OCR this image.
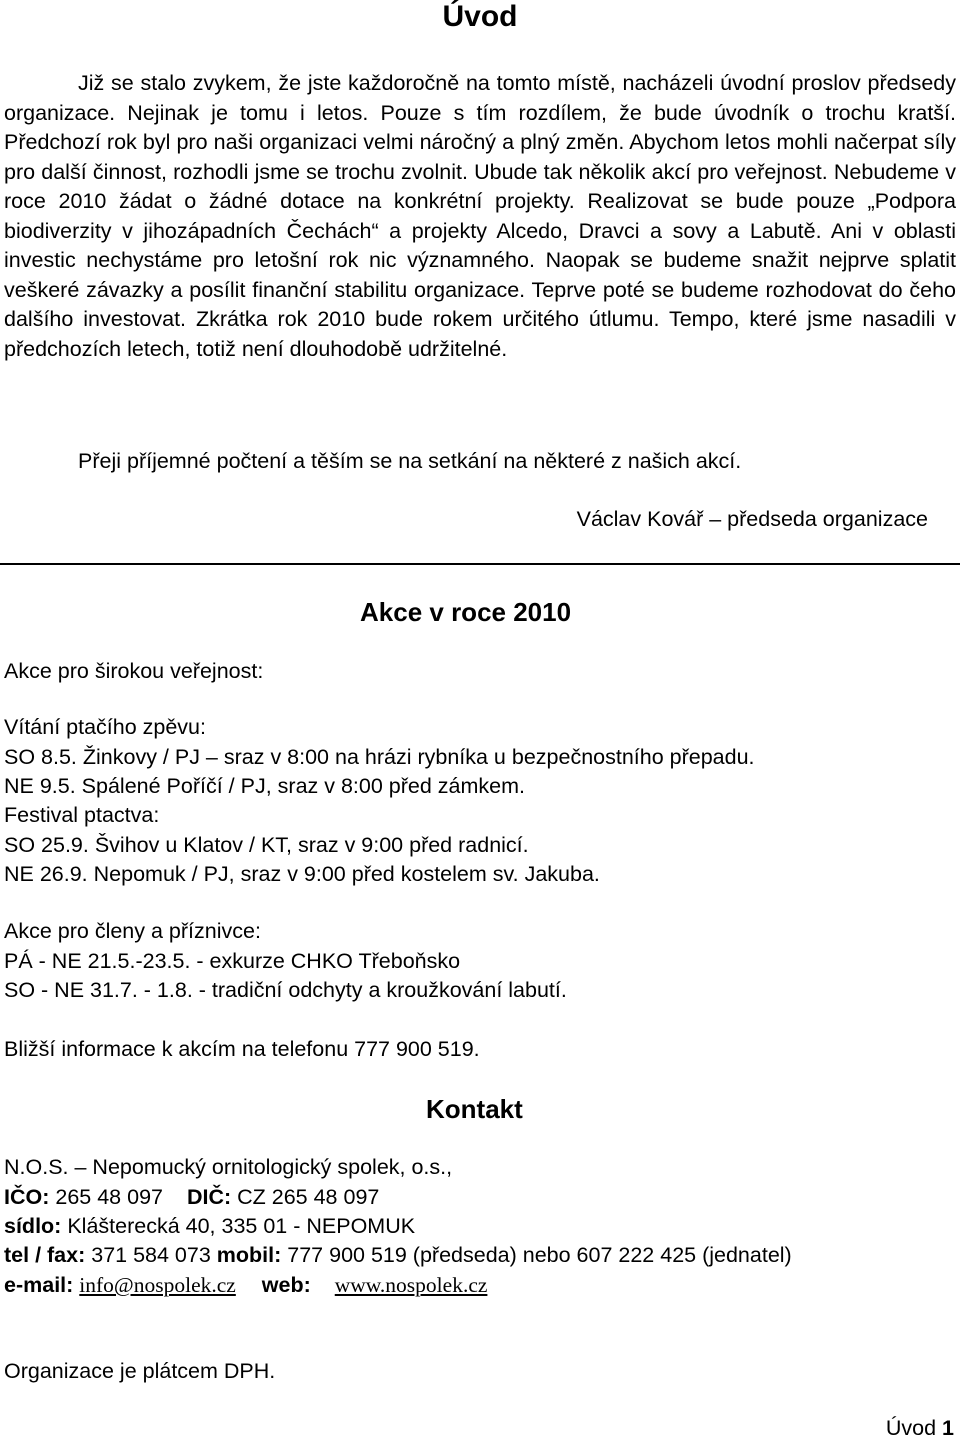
Úvod

Již se stalo zvykem, že jste každoročně na tomto místě, nacházeli úvodní proslov předsedy organizace. Nejinak je tomu i letos. Pouze s tím rozdílem, že bude úvodník o trochu kratší. Předchozí rok byl pro naši organizaci velmi náročný a plný změn. Abychom letos mohli načerpat síly pro další činnost, rozhodli jsme se trochu zvolnit. Ubude tak několik akcí pro veřejnost. Nebudeme v roce 2010 žádat o žádné dotace na konkrétní projekty. Realizovat se bude pouze „Podpora biodiverzity v jihozápadních Čechách“ a projekty Alcedo, Dravci a sovy a Labutě. Ani v oblasti investic nechystáme pro letošní rok nic významného. Naopak se budeme snažit nejprve splatit veškeré závazky a posílit finanční stabilitu organizace. Teprve poté se budeme rozhodovat do čeho dalšího investovat. Zkrátka rok 2010 bude rokem určitého útlumu. Tempo, které jsme nasadili v předchozích letech, totiž není dlouhodobě udržitelné.

Přeji příjemné počtení a těším se na setkání na některé z našich akcí.
Václav Kovář – předseda organizace
Akce v roce 2010
Akce pro širokou veřejnost:
Vítání ptačího zpěvu:
SO 8.5. Žinkovy / PJ – sraz v 8:00 na hrázi rybníka u bezpečnostního přepadu.
NE 9.5. Spálené Poříčí / PJ, sraz v 8:00 před zámkem.
Festival ptactva:
SO 25.9. Švihov u Klatov / KT, sraz v 9:00 před radnicí.
NE 26.9. Nepomuk / PJ, sraz v 9:00 před kostelem sv. Jakuba.
Akce pro členy a příznivce:
PÁ - NE 21.5.-23.5. - exkurze CHKO Třeboňsko
SO - NE 31.7. - 1.8. - tradiční odchyty a kroužkování labutí.
Bližší informace k akcím na telefonu 777 900 519.
Kontakt
N.O.S. – Nepomucký ornitologický spolek, o.s.,
IČO: 265 48 097 DIČ: CZ 265 48 097
sídlo: Klášterecká 40, 335 01 - NEPOMUK
tel / fax: 371 584 073 mobil: 777 900 519 (předseda) nebo 607 222 425 (jednatel)
e-mail: info@nospolek.cz web: www.nospolek.cz
Organizace je plátcem DPH.
Úvod 1
